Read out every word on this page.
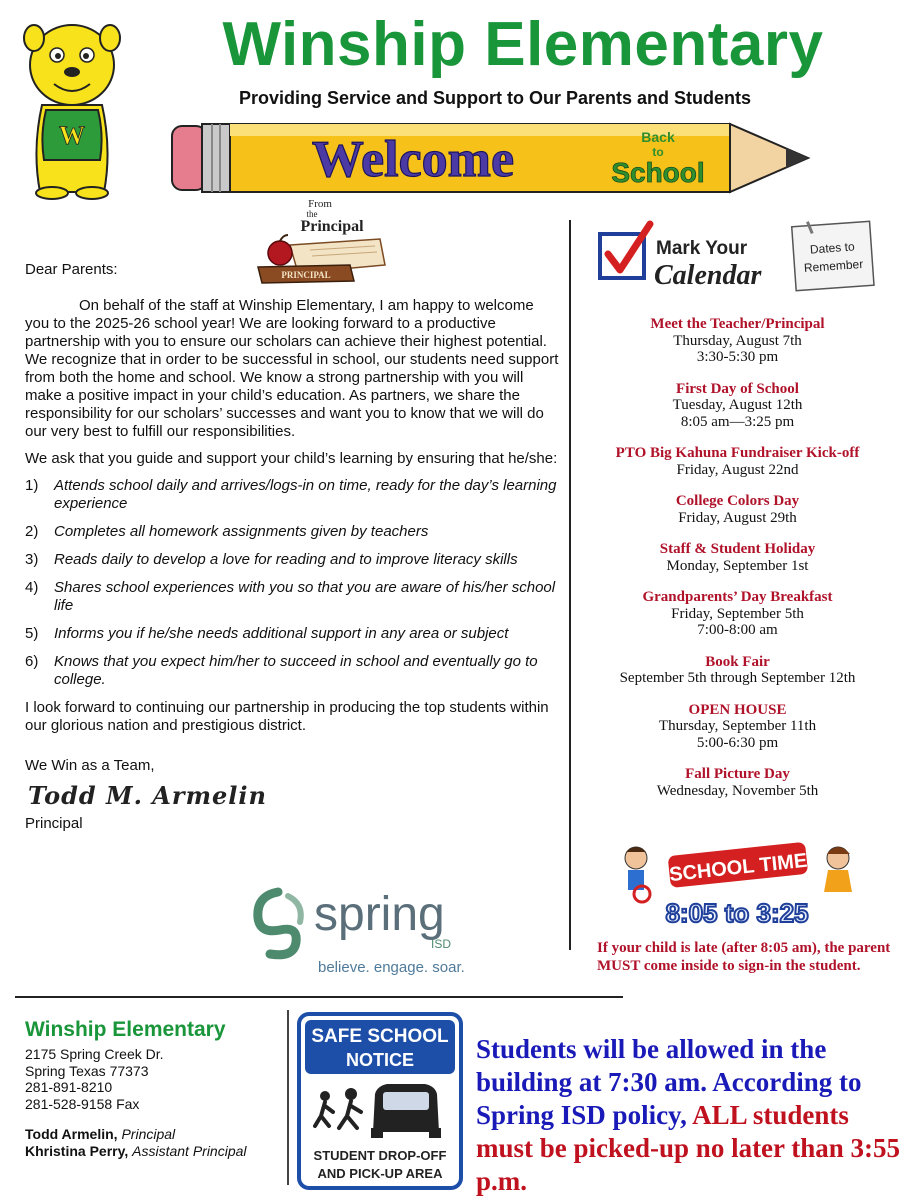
W
Winship Elementary
Providing Service and Support to Our Parents and Students
Welcome	Back
to
School
From
the
Principal
PRINCIPAL

Dear Parents:

On behalf of the staff at Winship Elementary, I am happy to welcome you to the 2025-26 school year! We are looking forward to a productive partnership with you to ensure our scholars can achieve their highest potential. We recognize that in order to be successful in school, our students need support from both the home and school. We know a strong partnership with you will make a positive impact in your child’s education. As partners, we share the responsibility for our scholars’ successes and want you to know that we will do our very best to fulfill our responsibilities.

We ask that you guide and support your child’s learning by ensuring that he/she:

1)	Attends school daily and arrives/logs-in on time, ready for the day’s learning experience
2)	Completes all homework assignments given by teachers
3)	Reads daily to develop a love for reading and to improve literacy skills
4)	Shares school experiences with you so that you are aware of his/her school life
5)	Informs you if he/she needs additional support in any area or subject
6)	Knows that you expect him/her to succeed in school and eventually go to college.

I look forward to continuing our partnership in producing the top students within our glorious nation and prestigious district.

We Win as a Team,

Todd M. Armelin

Principal

spring
ISD
believe. engage. soar.
Mark Your
Calendar
Dates to
Remember
Meet the Teacher/Principal
Thursday, August 7th
3:30-5:30 pm
First Day of School
Tuesday, August 12th
8:05 am—3:25 pm
PTO Big Kahuna Fundraiser Kick-off
Friday, August 22nd
College Colors Day
Friday, August 29th
Staff & Student Holiday
Monday, September 1st
Grandparents’ Day Breakfast
Friday, September 5th
7:00-8:00 am
Book Fair
September 5th through September 12th
OPEN HOUSE
Thursday, September 11th
5:00-6:30 pm
Fall Picture Day
Wednesday, November 5th
SCHOOL TIME
8:05 to 3:25
If your child is late (after 8:05 am), the parent MUST come inside to sign-in the student.
Winship Elementary
2175 Spring Creek Dr.
Spring Texas 77373
281-891-8210
281-528-9158 Fax
Todd Armelin, Principal
Khristina Perry, Assistant Principal
SAFE SCHOOL
NOTICE
STUDENT DROP-OFF
AND PICK-UP AREA
Students will be allowed in the building at 7:30 am. According to Spring ISD policy, ALL students must be picked-up no later than 3:55 p.m.
